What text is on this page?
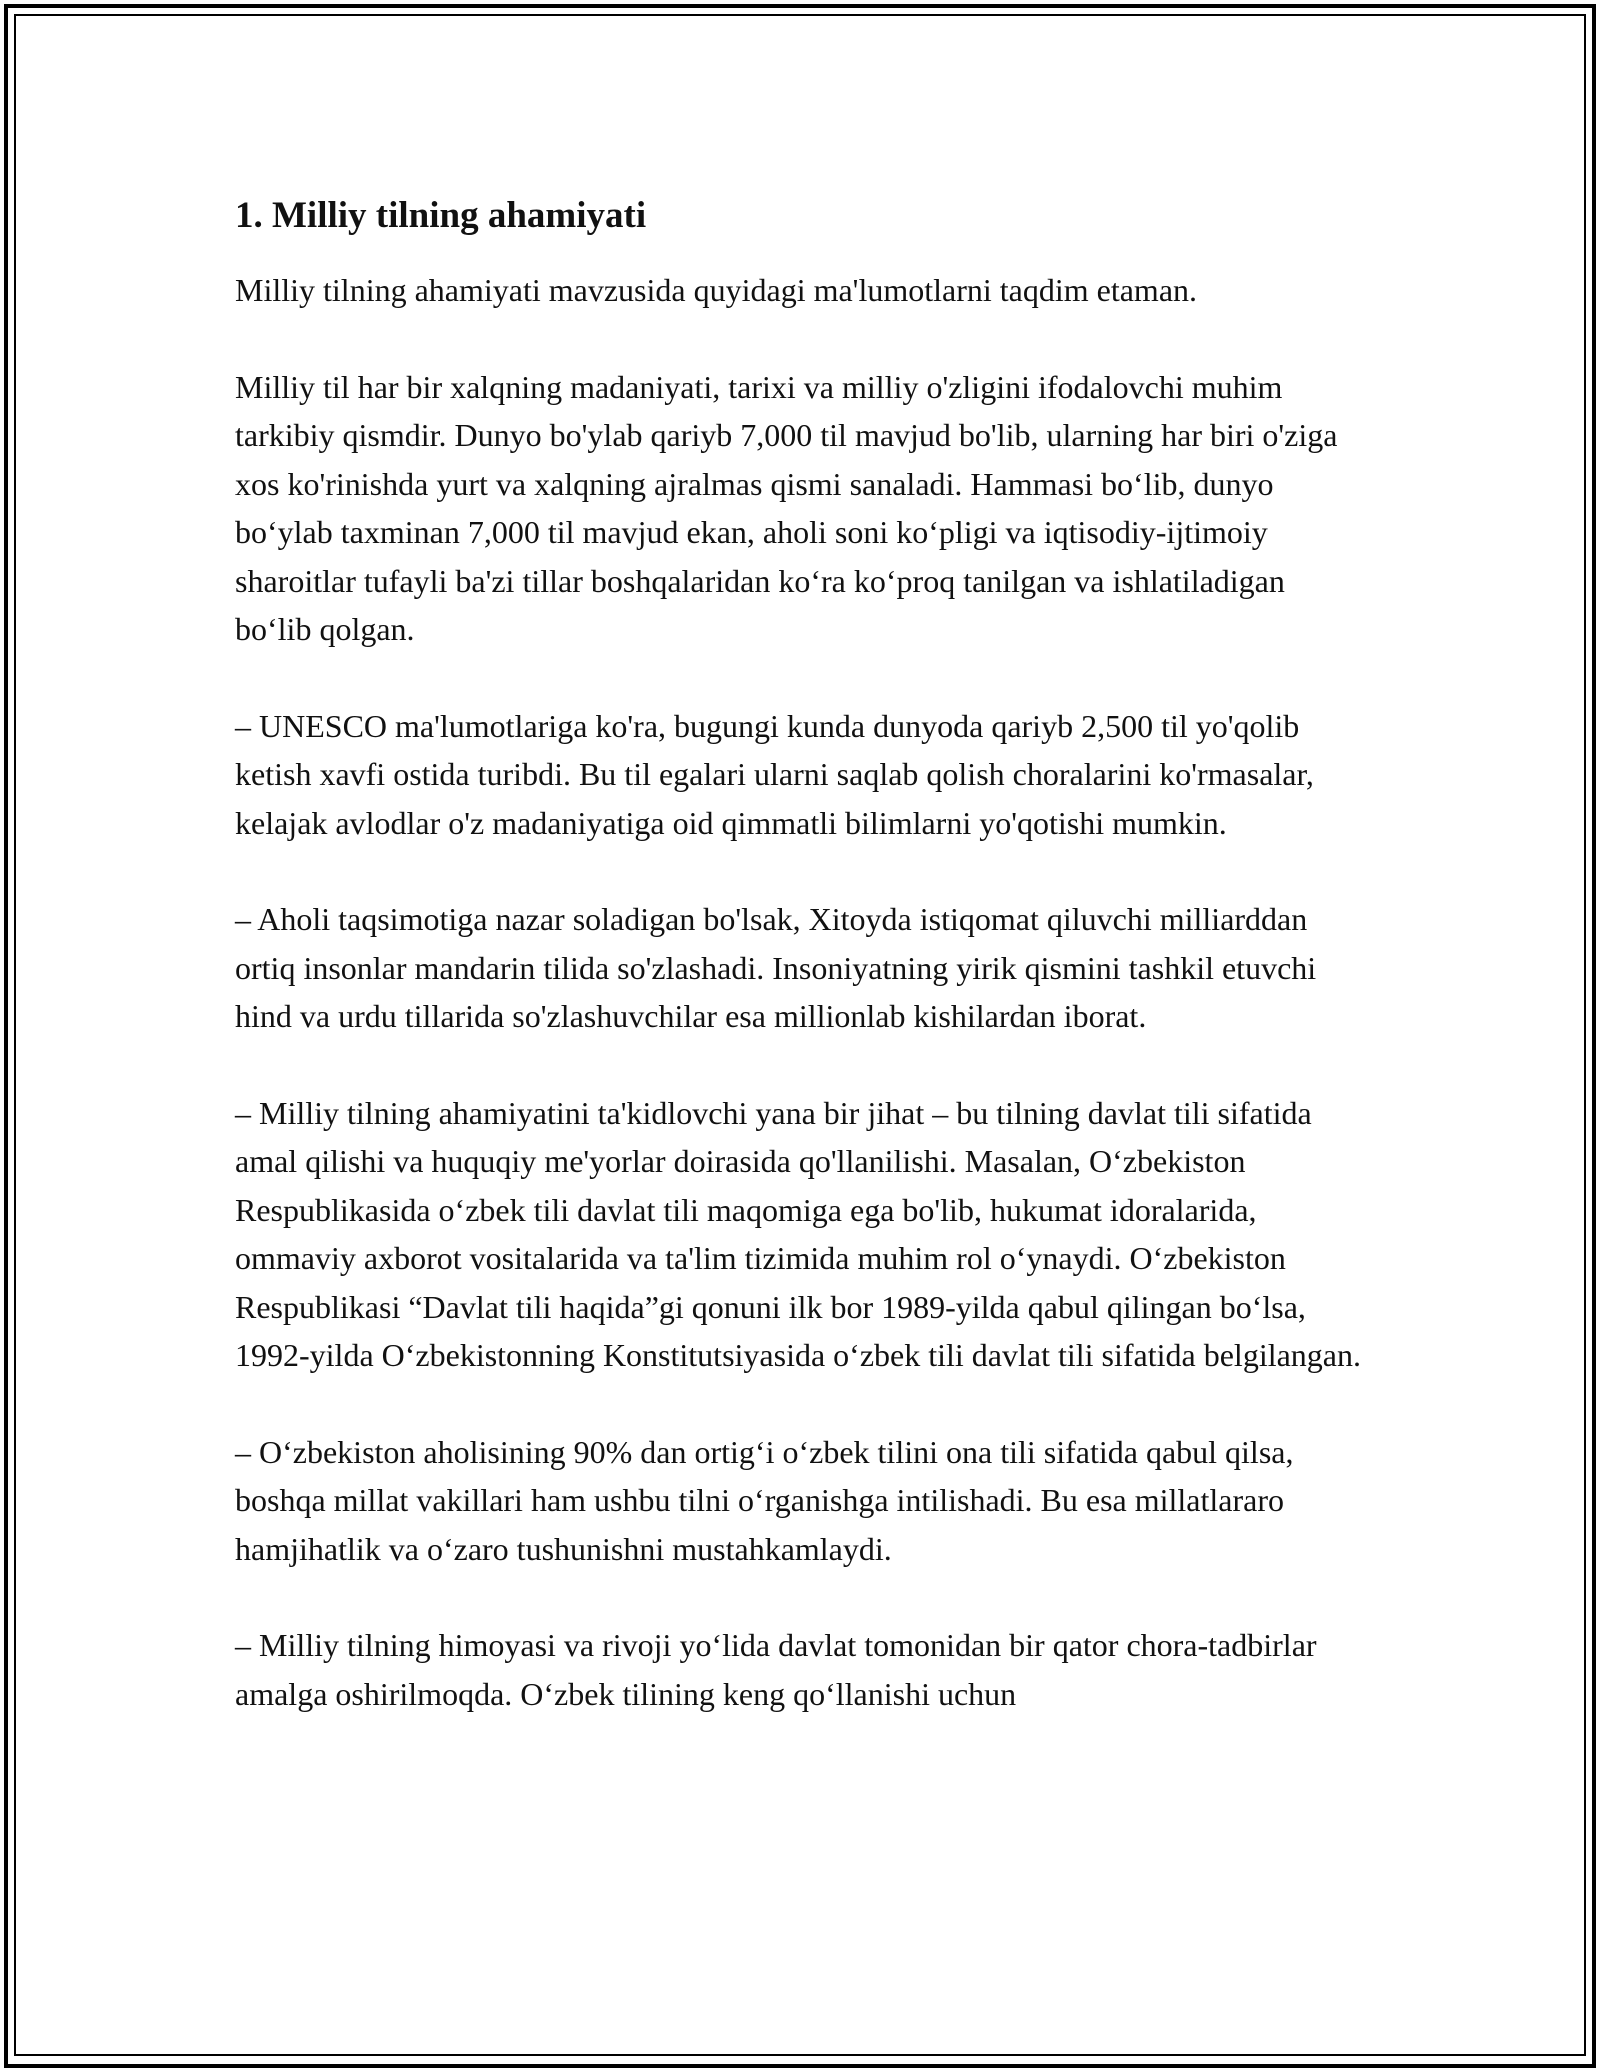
1. Milliy tilning ahamiyati

Milliy tilning ahamiyati mavzusida quyidagi ma'lumotlarni taqdim etaman.

Milliy til har bir xalqning madaniyati, tarixi va milliy o'zligini ifodalovchi muhim tarkibiy qismdir. Dunyo bo'ylab qariyb 7,000 til mavjud bo'lib, ularning har biri o'ziga xos ko'rinishda yurt va xalqning ajralmas qismi sanaladi. Hammasi bo‘lib, dunyo bo‘ylab taxminan 7,000 til mavjud ekan, aholi soni ko‘pligi va iqtisodiy-ijtimoiy sharoitlar tufayli ba'zi tillar boshqalaridan ko‘ra ko‘proq tanilgan va ishlatiladigan bo‘lib qolgan.

– UNESCO ma'lumotlariga ko'ra, bugungi kunda dunyoda qariyb 2,500 til yo'qolib ketish xavfi ostida turibdi. Bu til egalari ularni saqlab qolish choralarini ko'rmasalar, kelajak avlodlar o'z madaniyatiga oid qimmatli bilimlarni yo'qotishi mumkin.

– Aholi taqsimotiga nazar soladigan bo'lsak, Xitoyda istiqomat qiluvchi milliarddan ortiq insonlar mandarin tilida so'zlashadi. Insoniyatning yirik qismini tashkil etuvchi hind va urdu tillarida so'zlashuvchilar esa millionlab kishilardan iborat.

– Milliy tilning ahamiyatini ta'kidlovchi yana bir jihat – bu tilning davlat tili sifatida amal qilishi va huquqiy me'yorlar doirasida qo'llanilishi. Masalan, O‘zbekiston Respublikasida o‘zbek tili davlat tili maqomiga ega bo'lib, hukumat idoralarida, ommaviy axborot vositalarida va ta'lim tizimida muhim rol o‘ynaydi. O‘zbekiston Respublikasi “Davlat tili haqida”gi qonuni ilk bor 1989-yilda qabul qilingan bo‘lsa, 1992-yilda O‘zbekistonning Konstitutsiyasida o‘zbek tili davlat tili sifatida belgilangan.

– O‘zbekiston aholisining 90% dan ortig‘i o‘zbek tilini ona tili sifatida qabul qilsa, boshqa millat vakillari ham ushbu tilni o‘rganishga intilishadi. Bu esa millatlararo hamjihatlik va o‘zaro tushunishni mustahkamlaydi.

– Milliy tilning himoyasi va rivoji yo‘lida davlat tomonidan bir qator chora-tadbirlar amalga oshirilmoqda. O‘zbek tilining keng qo‘llanishi uchun
